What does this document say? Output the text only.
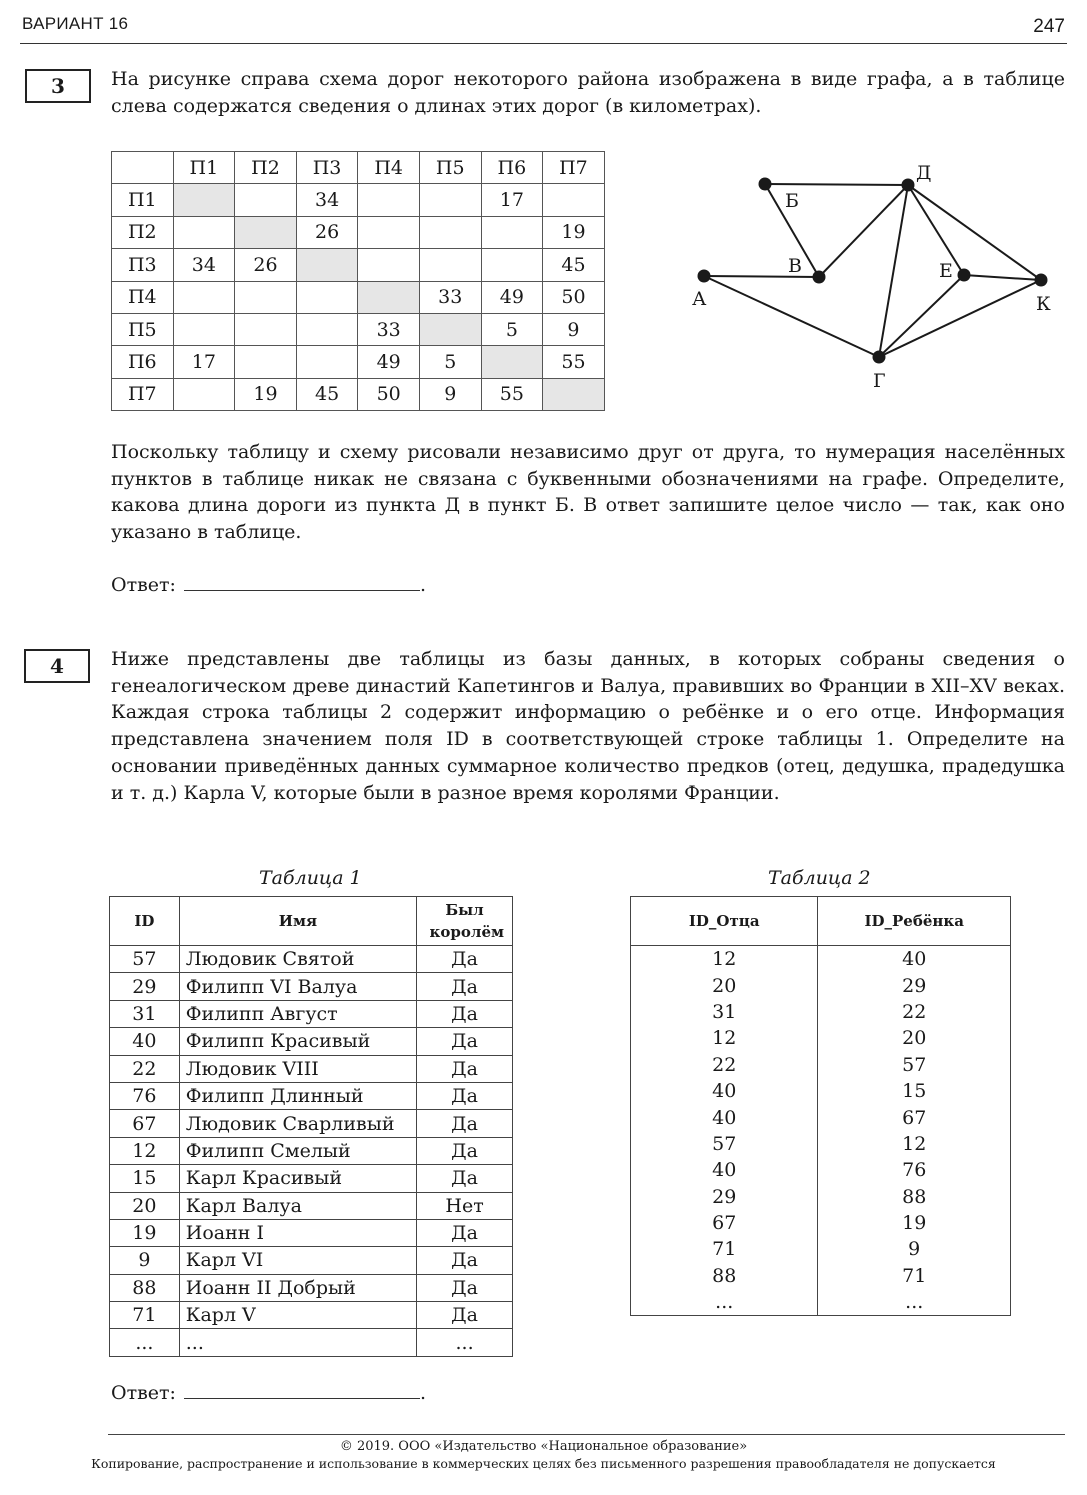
ВАРИАНТ 16	247
3	На рисунке справа схема дорог некоторого района изображена в виде графа, а в таблице слева содержатся сведения о длинах этих дорог (в километрах).

	П1	П2	П3	П4	П5	П6	П7
П1			34			17	
П2			26				19
П3	34	26					45
П4					33	49	50
П5				33		5	9
П6	17			49	5		55
П7		19	45	50	9	55	
А
Б
В
Д
Е
К
Г

Поскольку таблицу и схему рисовали независимо друг от друга, то нумерация населённых пунктов в таблице никак не связана с буквенными обозначениями на графе. Определите, какова длина дороги из пункта Д в пункт Б. В ответ запишите целое число — так, как оно указано в таблице.

Ответ:	.
4	Ниже представлены две таблицы из базы данных, в которых собраны сведения о генеалогическом древе династий Капетингов и Валуа, правивших во Франции в XII–XV веках. Каждая строка таблицы 2 содержит информацию о ребёнке и о его отце. Информация представлена значением поля ID в соответствующей строке таблицы 1. Определите на основании приведённых данных суммарное количество предков (отец, дедушка, прадедушка и т. д.) Карла V, которые были в разное время королями Франции.

Таблица 1	Таблица 2
ID	Имя	Был королём
57	Людовик Святой	Да
29	Филипп VI Валуа	Да
31	Филипп Август	Да
40	Филипп Красивый	Да
22	Людовик VIII	Да
76	Филипп Длинный	Да
67	Людовик Сварливый	Да
12	Филипп Смелый	Да
15	Карл Красивый	Да
20	Карл Валуа	Нет
19	Иоанн I	Да
9	Карл VI	Да
88	Иоанн II Добрый	Да
71	Карл V	Да
...	...	...
ID_Отца	ID_Ребёнка
12	40
20	29
31	22
12	20
22	57
40	15
40	67
57	12
40	76
29	88
67	19
71	9
88	71
...	...
Ответ:	.
© 2019. ООО «Издательство «Национальное образование»
Копирование, распространение и использование в коммерческих целях без письменного разрешения правообладателя не допускается
